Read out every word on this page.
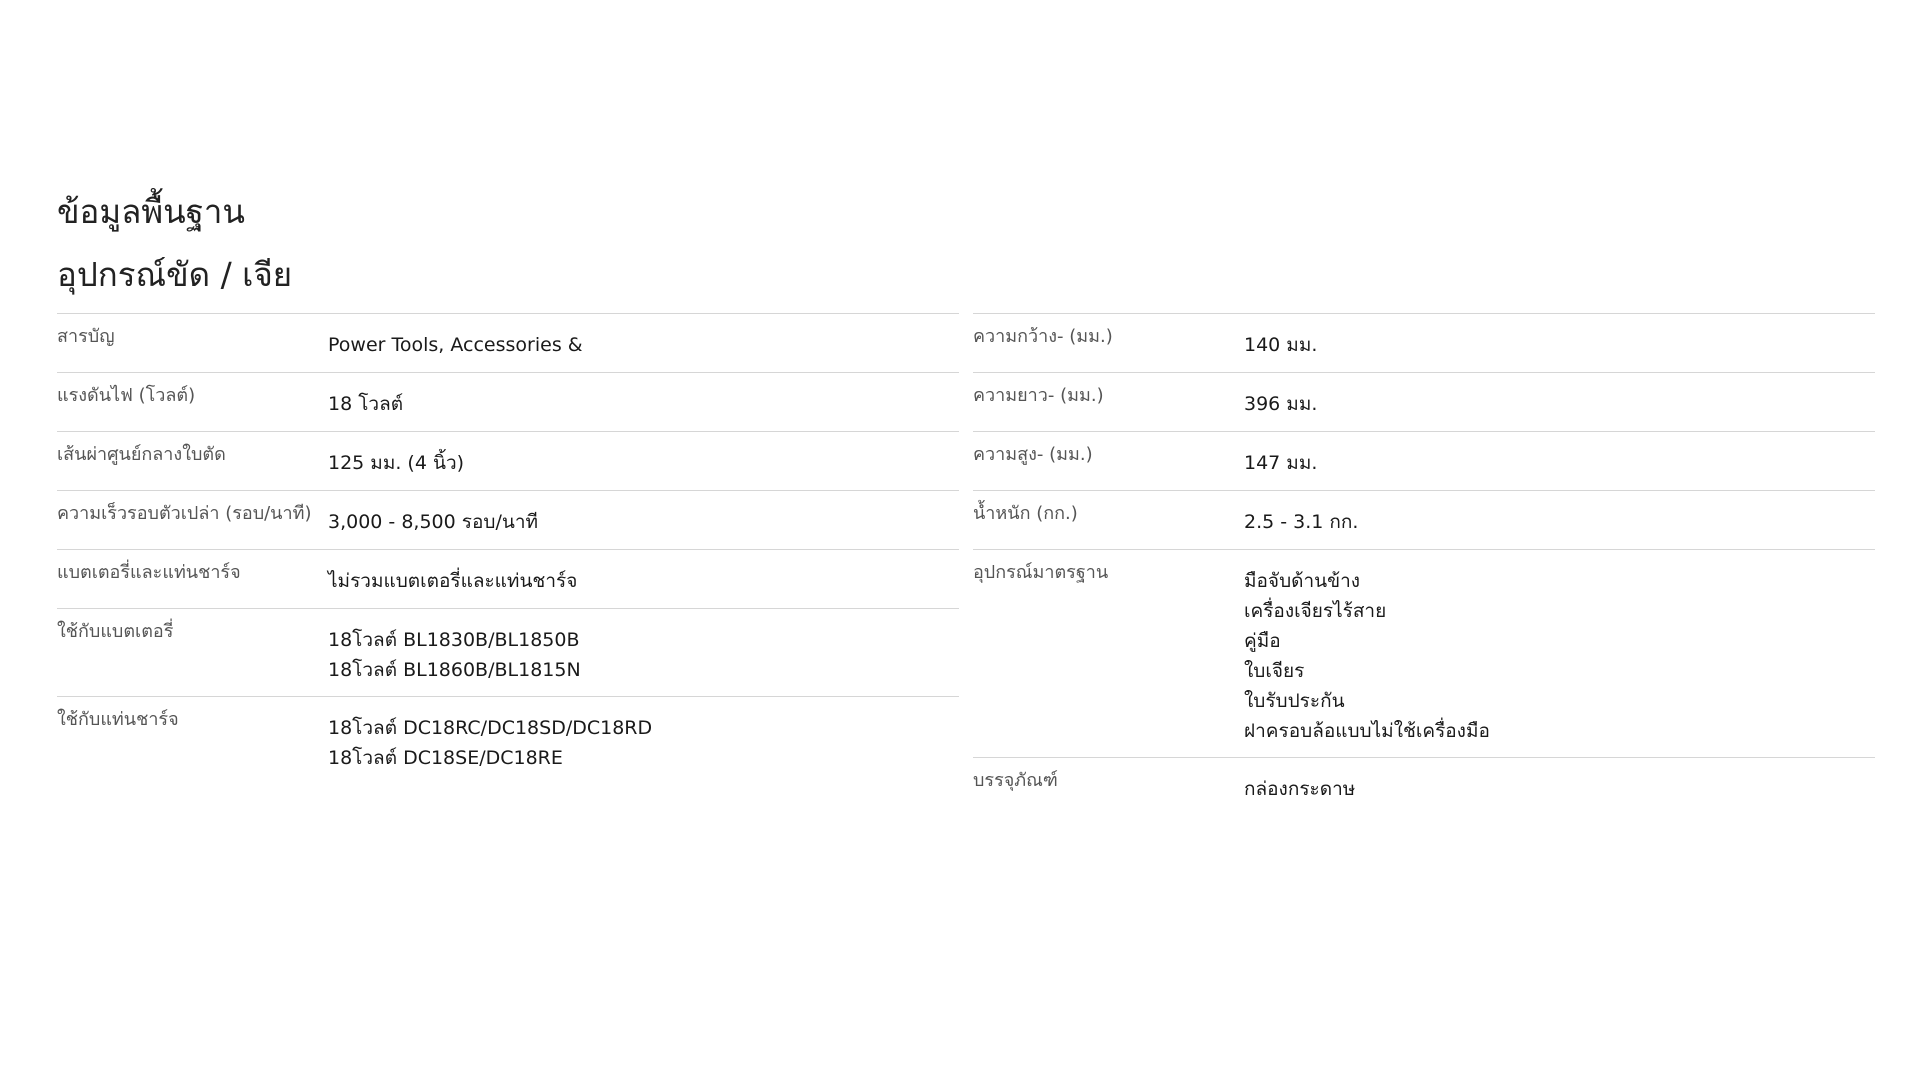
ข้อมูลพื้นฐาน
อุปกรณ์ขัด / เจีย
สารบัญ	Power Tools, Accessories &
แรงดันไฟ (โวลต์)	18 โวลต์
เส้นผ่าศูนย์กลางใบตัด	125 มม. (4 นิ้ว)
ความเร็วรอบตัวเปล่า (รอบ/นาที) 3,000 - 8,500 รอบ/นาที
แบตเตอรี่และแท่นชาร์จ	ไม่รวมแบตเตอรี่และแท่นชาร์จ
ใช้กับแบตเตอรี่	18โวลต์ BL1830B/BL1850B
18โวลต์ BL1860B/BL1815N
ใช้กับแท่นชาร์จ	18โวลต์ DC18RC/DC18SD/DC18RD
18โวลต์ DC18SE/DC18RE
ความกว้าง- (มม.)	140 มม.
ความยาว- (มม.)	396 มม.
ความสูง- (มม.)	147 มม.
น้ำหนัก (กก.)	2.5 - 3.1 กก.
อุปกรณ์มาตรฐาน	มือจับด้านข้าง
เครื่องเจียรไร้สาย
คู่มือ
ใบเจียร
ใบรับประกัน
ฝาครอบล้อแบบไม่ใช้เครื่องมือ
บรรจุภัณฑ์	กล่องกระดาษ
